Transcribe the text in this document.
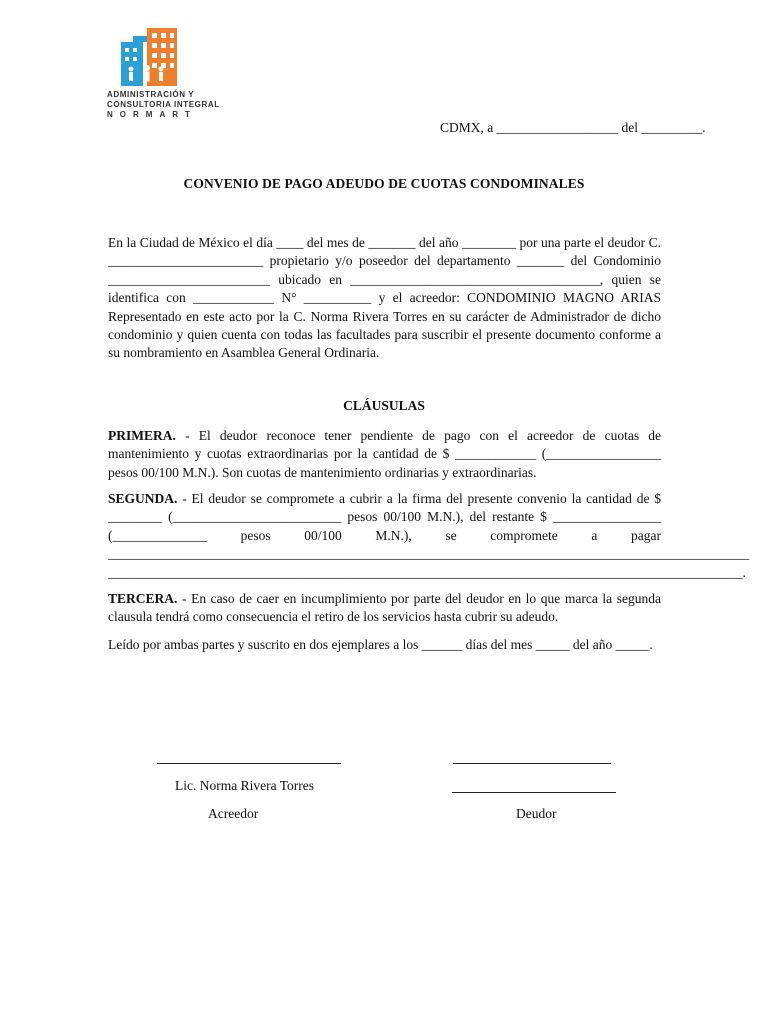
ADMINISTRACIÓN Y
CONSULTORIA INTEGRAL
NORMART
CDMX, a __________________ del _________.
CONVENIO DE PAGO ADEUDO DE CUOTAS CONDOMINALES
En la Ciudad de México el día ____ del mes de _______ del año ________ por una parte el deudor C. _______________________ propietario y/o poseedor del departamento _______ del Condominio ________________________ ubicado en _____________________________________, quien se identifica con ____________ N° __________ y el acreedor: CONDOMINIO MAGNO ARIAS Representado en este acto por la C. Norma Rivera Torres en su carácter de Administrador de dicho condominio y quien cuenta con todas las facultades para suscribir el presente documento conforme a su nombramiento en Asamblea General Ordinaria.
CLÁUSULAS
PRIMERA. - El deudor reconoce tener pendiente de pago con el acreedor de cuotas de mantenimiento y cuotas extraordinarias por la cantidad de $ ____________ (_________________ pesos 00/100 M.N.). Son cuotas de mantenimiento ordinarias y extraordinarias.
SEGUNDA. - El deudor se compromete a cubrir a la firma del presente convenio la cantidad de $ ________ (_________________________ pesos 00/100 M.N.), del restante $ ________________ (______________ pesos 00/100 M.N.), se compromete a pagar _______________________________________________________________________________________________ ______________________________________________________________________________________________.
TERCERA. - En caso de caer en incumplimiento por parte del deudor en lo que marca la segunda clausula tendrá como consecuencia el retiro de los servicios hasta cubrir su adeudo.
Leído por ambas partes y suscrito en dos ejemplares a los ______ días del mes _____ del año _____.
Lic. Norma Rivera Torres
Acreedor	Deudor
